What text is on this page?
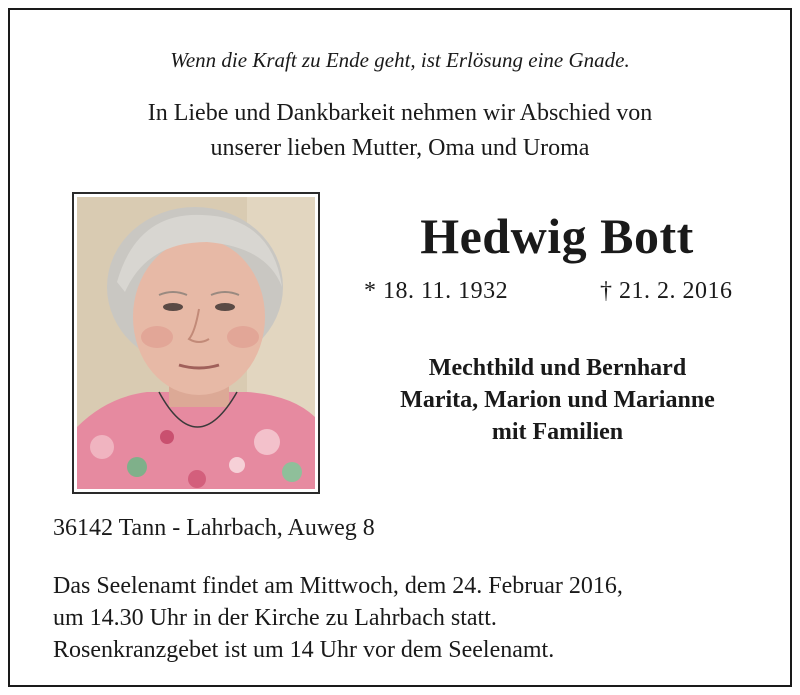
Wenn die Kraft zu Ende geht, ist Erlösung eine Gnade.
In Liebe und Dankbarkeit nehmen wir Abschied von
unserer lieben Mutter, Oma und Uroma
Hedwig Bott
* 18. 11. 1932	† 21. 2. 2016
Mechthild und Bernhard
Marita, Marion und Marianne
mit Familien
36142 Tann - Lahrbach, Auweg 8
Das Seelenamt findet am Mittwoch, dem 24. Februar 2016,
um 14.30 Uhr in der Kirche zu Lahrbach statt.
Rosenkranzgebet ist um 14 Uhr vor dem Seelenamt.
